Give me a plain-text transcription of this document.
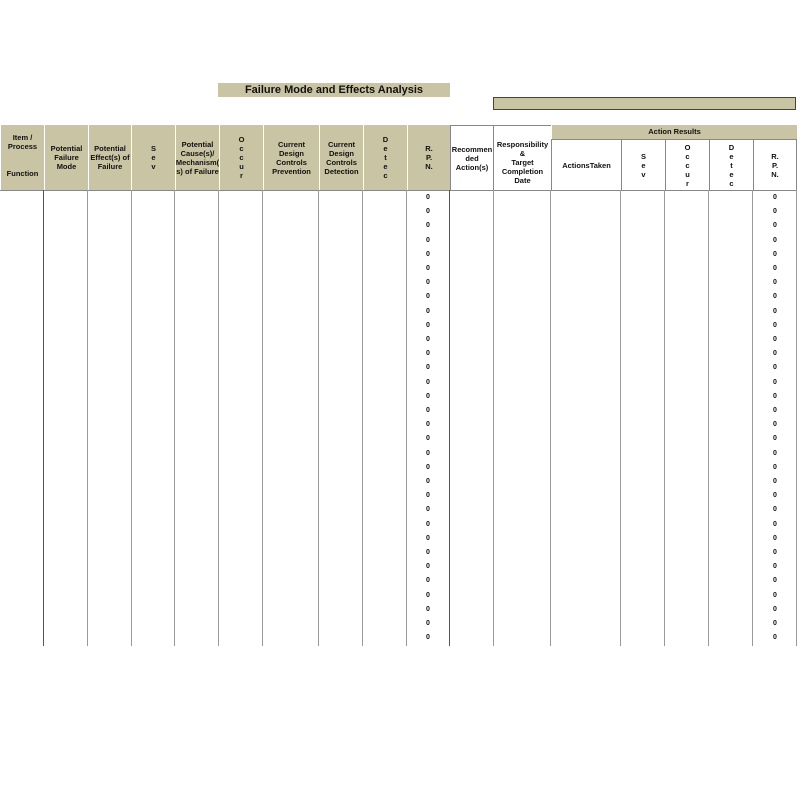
Failure Mode and Effects Analysis
Item /
Process

Function
Potential
Failure
Mode
Potential
Effect(s) of
Failure
S
e
v
Potential
Cause(s)/
Mechanism(
s) of Failure
O
c
c
u
r
Current Design
Controls
Prevention
Current
Design
Controls
Detection
D
e
t
e
c
R.
P.
N.
Recommen
ded
Action(s)
Responsibility &
Target
Completion
Date
Action Results
ActionsTaken
S
e
v
O
c
c
u
r
D
e
t
e
c
R.
P.
N.
0
0
0
0
0
0
0
0
0
0
0
0
0
0
0
0
0
0
0
0
0
0
0
0
0
0
0
0
0
0
0
0
0
0
0
0
0
0
0
0
0
0
0
0
0
0
0
0
0
0
0
0
0
0
0
0
0
0
0
0
0
0
0
0
